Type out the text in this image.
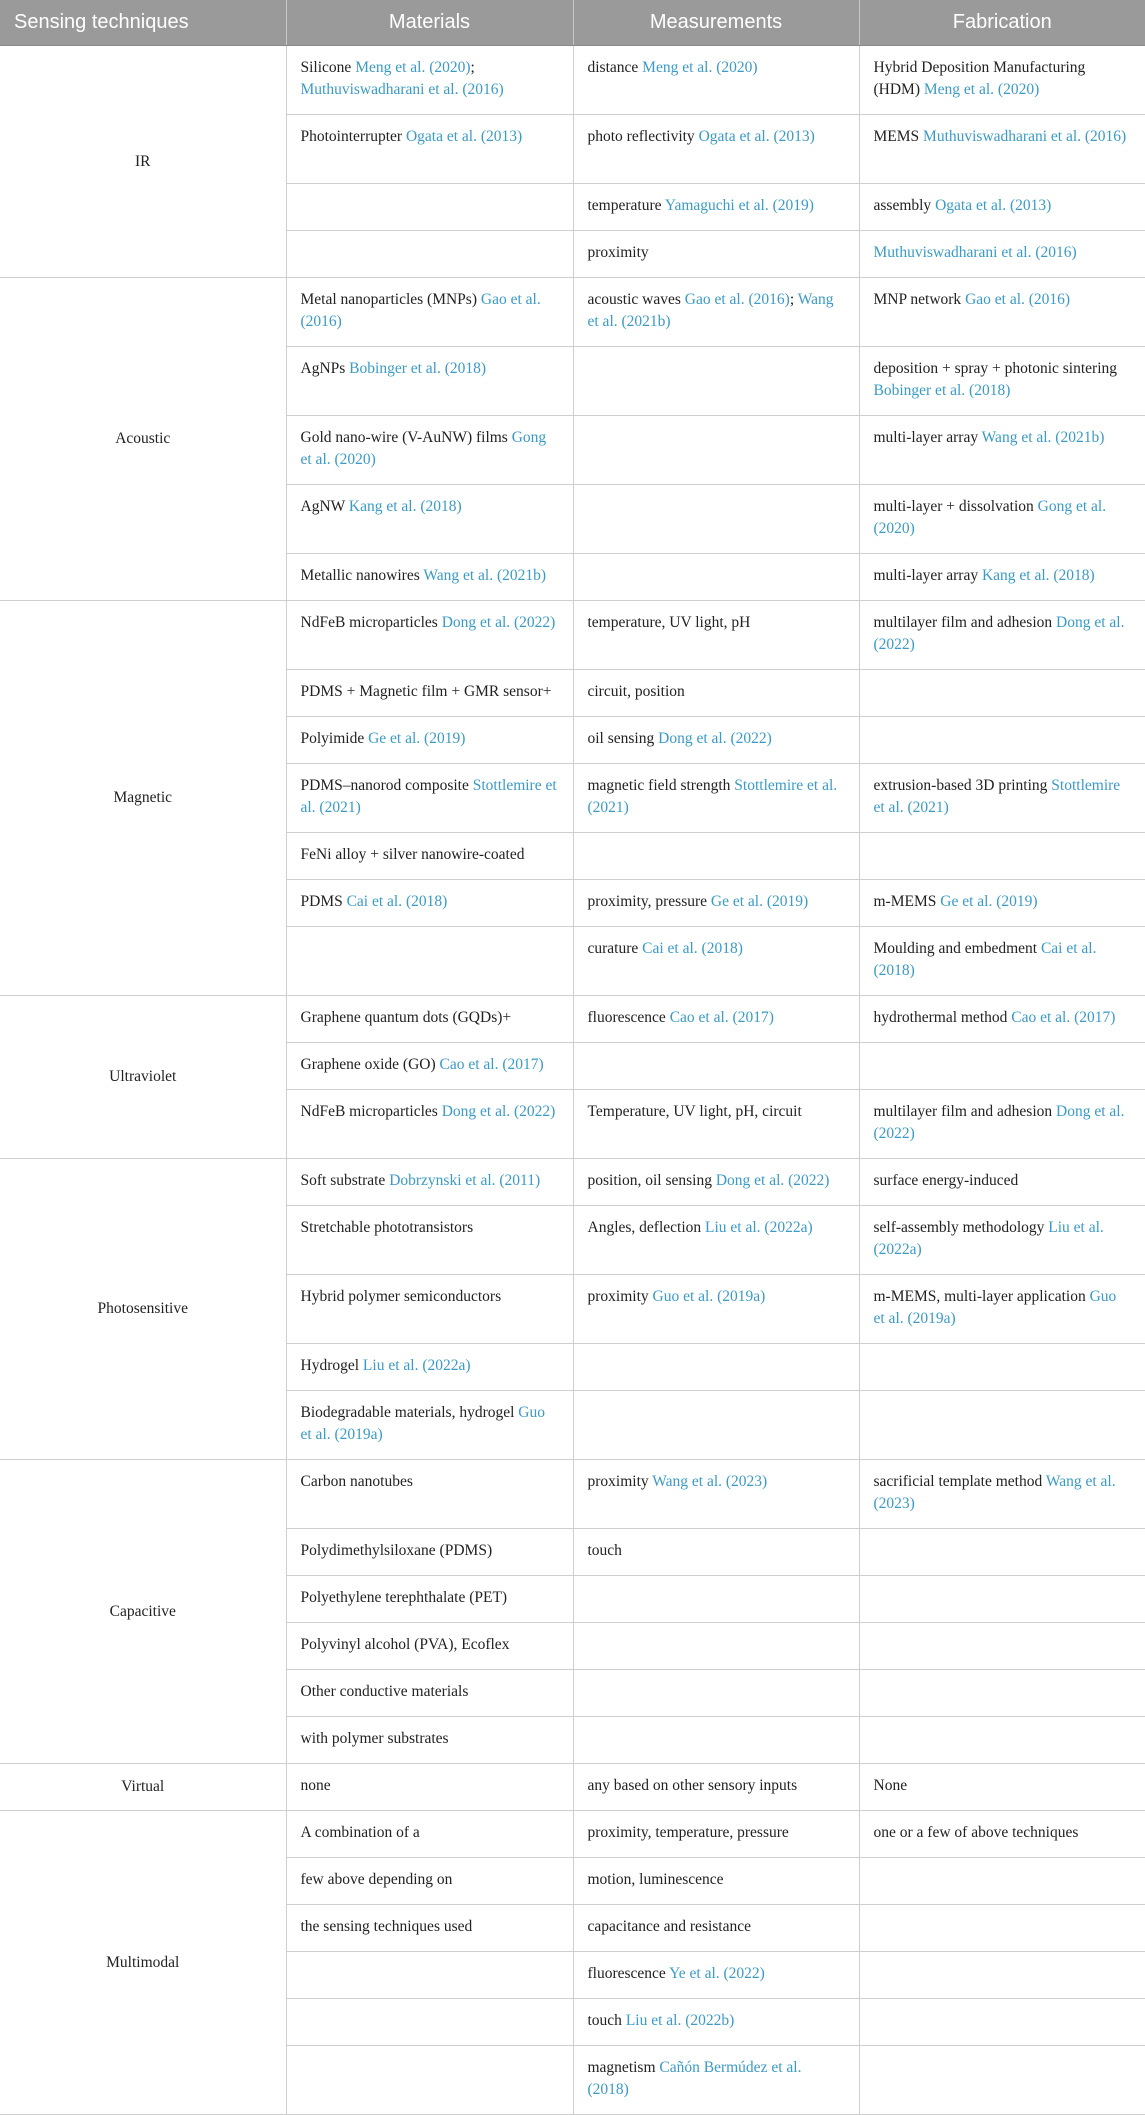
Sensing techniques	Materials	Measurements	Fabrication
IR	Silicone Meng et al. (2020); Muthuviswadharani et al. (2016)	distance Meng et al. (2020)	Hybrid Deposition Manufacturing (HDM) Meng et al. (2020)
	Photointerrupter Ogata et al. (2013)	photo reflectivity Ogata et al. (2013)	MEMS Muthuviswadharani et al. (2016)
		temperature Yamaguchi et al. (2019)	assembly Ogata et al. (2013)
		proximity	Muthuviswadharani et al. (2016)
Acoustic	Metal nanoparticles (MNPs) Gao et al. (2016)	acoustic waves Gao et al. (2016); Wang et al. (2021b)	MNP network Gao et al. (2016)
	AgNPs Bobinger et al. (2018)		deposition + spray + photonic sintering Bobinger et al. (2018)
	Gold nano-wire (V-AuNW) films Gong et al. (2020)		multi-layer array Wang et al. (2021b)
	AgNW Kang et al. (2018)		multi-layer + dissolvation Gong et al. (2020)
	Metallic nanowires Wang et al. (2021b)		multi-layer array Kang et al. (2018)
Magnetic	NdFeB microparticles Dong et al. (2022)	temperature, UV light, pH	multilayer film and adhesion Dong et al. (2022)
	PDMS + Magnetic film + GMR sensor+	circuit, position	
	Polyimide Ge et al. (2019)	oil sensing Dong et al. (2022)	
	PDMS–nanorod composite Stottlemire et al. (2021)	magnetic field strength Stottlemire et al. (2021)	extrusion-based 3D printing Stottlemire et al. (2021)
	FeNi alloy + silver nanowire-coated		
	PDMS Cai et al. (2018)	proximity, pressure Ge et al. (2019)	m-MEMS Ge et al. (2019)
		curature Cai et al. (2018)	Moulding and embedment Cai et al. (2018)
Ultraviolet	Graphene quantum dots (GQDs)+	fluorescence Cao et al. (2017)	hydrothermal method Cao et al. (2017)
	Graphene oxide (GO) Cao et al. (2017)		
	NdFeB microparticles Dong et al. (2022)	Temperature, UV light, pH, circuit	multilayer film and adhesion Dong et al. (2022)
Photosensitive	Soft substrate Dobrzynski et al. (2011)	position, oil sensing Dong et al. (2022)	surface energy-induced
	Stretchable phototransistors	Angles, deflection Liu et al. (2022a)	self-assembly methodology Liu et al. (2022a)
	Hybrid polymer semiconductors	proximity Guo et al. (2019a)	m-MEMS, multi-layer application Guo et al. (2019a)
	Hydrogel Liu et al. (2022a)		
	Biodegradable materials, hydrogel Guo et al. (2019a)		
Capacitive	Carbon nanotubes	proximity Wang et al. (2023)	sacrificial template method Wang et al. (2023)
	Polydimethylsiloxane (PDMS)	touch	
	Polyethylene terephthalate (PET)		
	Polyvinyl alcohol (PVA), Ecoflex		
	Other conductive materials		
	with polymer substrates		
Virtual	none	any based on other sensory inputs	None
Multimodal	A combination of a	proximity, temperature, pressure	one or a few of above techniques
	few above depending on	motion, luminescence	
	the sensing techniques used	capacitance and resistance	
		fluorescence Ye et al. (2022)	
		touch Liu et al. (2022b)	
		magnetism Cañón Bermúdez et al. (2018)	
